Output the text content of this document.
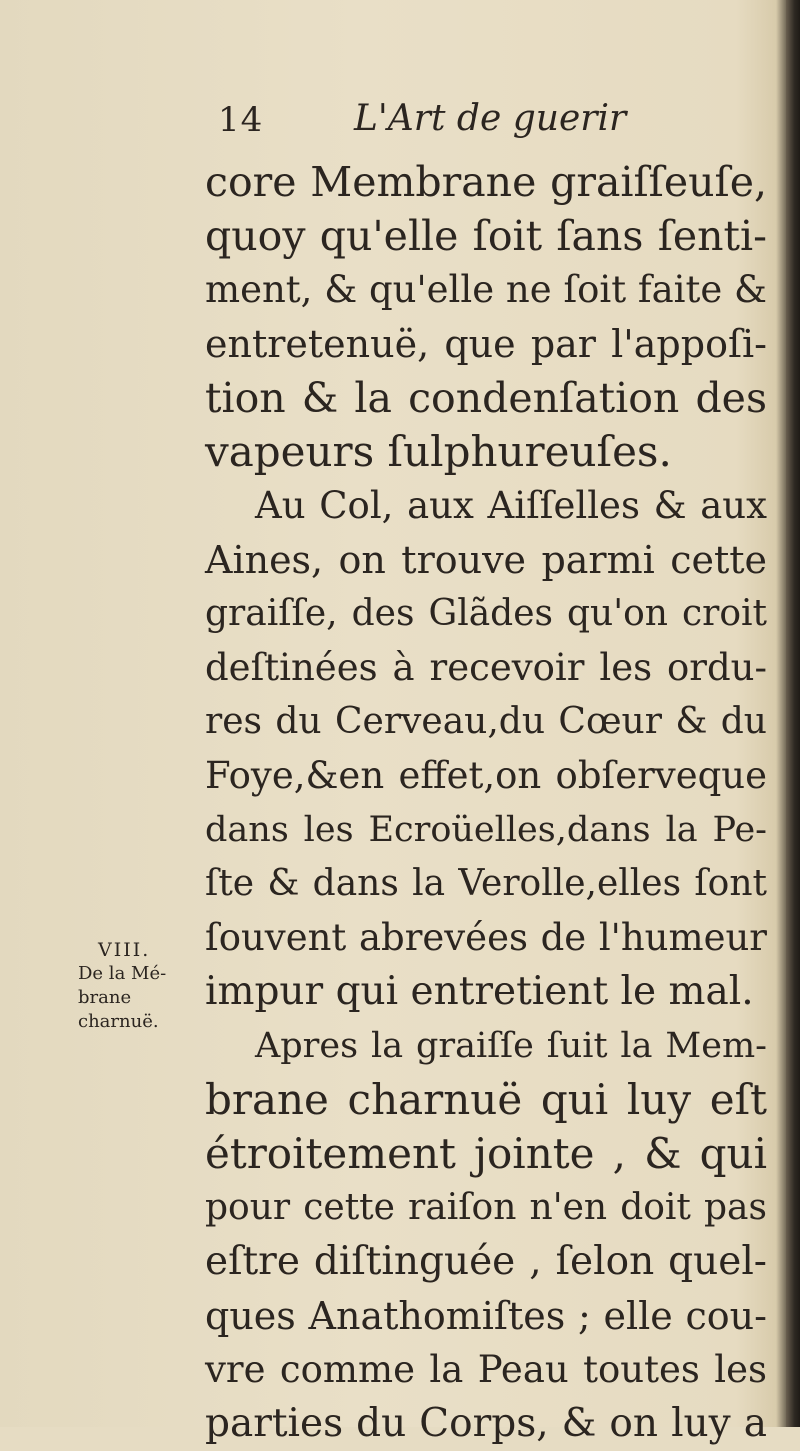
14	L'Art de guerir
core Membrane graiſſeuſe,
quoy qu'elle ſoit ſans ſenti-
ment, & qu'elle ne ſoit faite &
entretenuë, que par l'appoſi-
tion & la condenſation des
vapeurs ſulphureuſes.
Au Col, aux Aiſſelles & aux
Aines, on trouve parmi cette
graiſſe, des Glãdes qu'on croit
deſtinées à recevoir les ordu-
res du Cerveau,du Cœur & du
Foye,&en effet,on obſerveque
dans les Ecroüelles,dans la Pe-
ſte & dans la Verolle,elles ſont
ſouvent abrevées de l'humeur
impur qui entretient le mal.
Apres la graiſſe ſuit la Mem-
brane charnuë qui luy eſt
étroitement jointe , & qui
pour cette raiſon n'en doit pas
eſtre diſtinguée , ſelon quel-
ques Anathomiſtes ; elle cou-
vre comme la Peau toutes les
parties du Corps, & on luy a
VIII.
De la Mé-
brane
charnuë.
